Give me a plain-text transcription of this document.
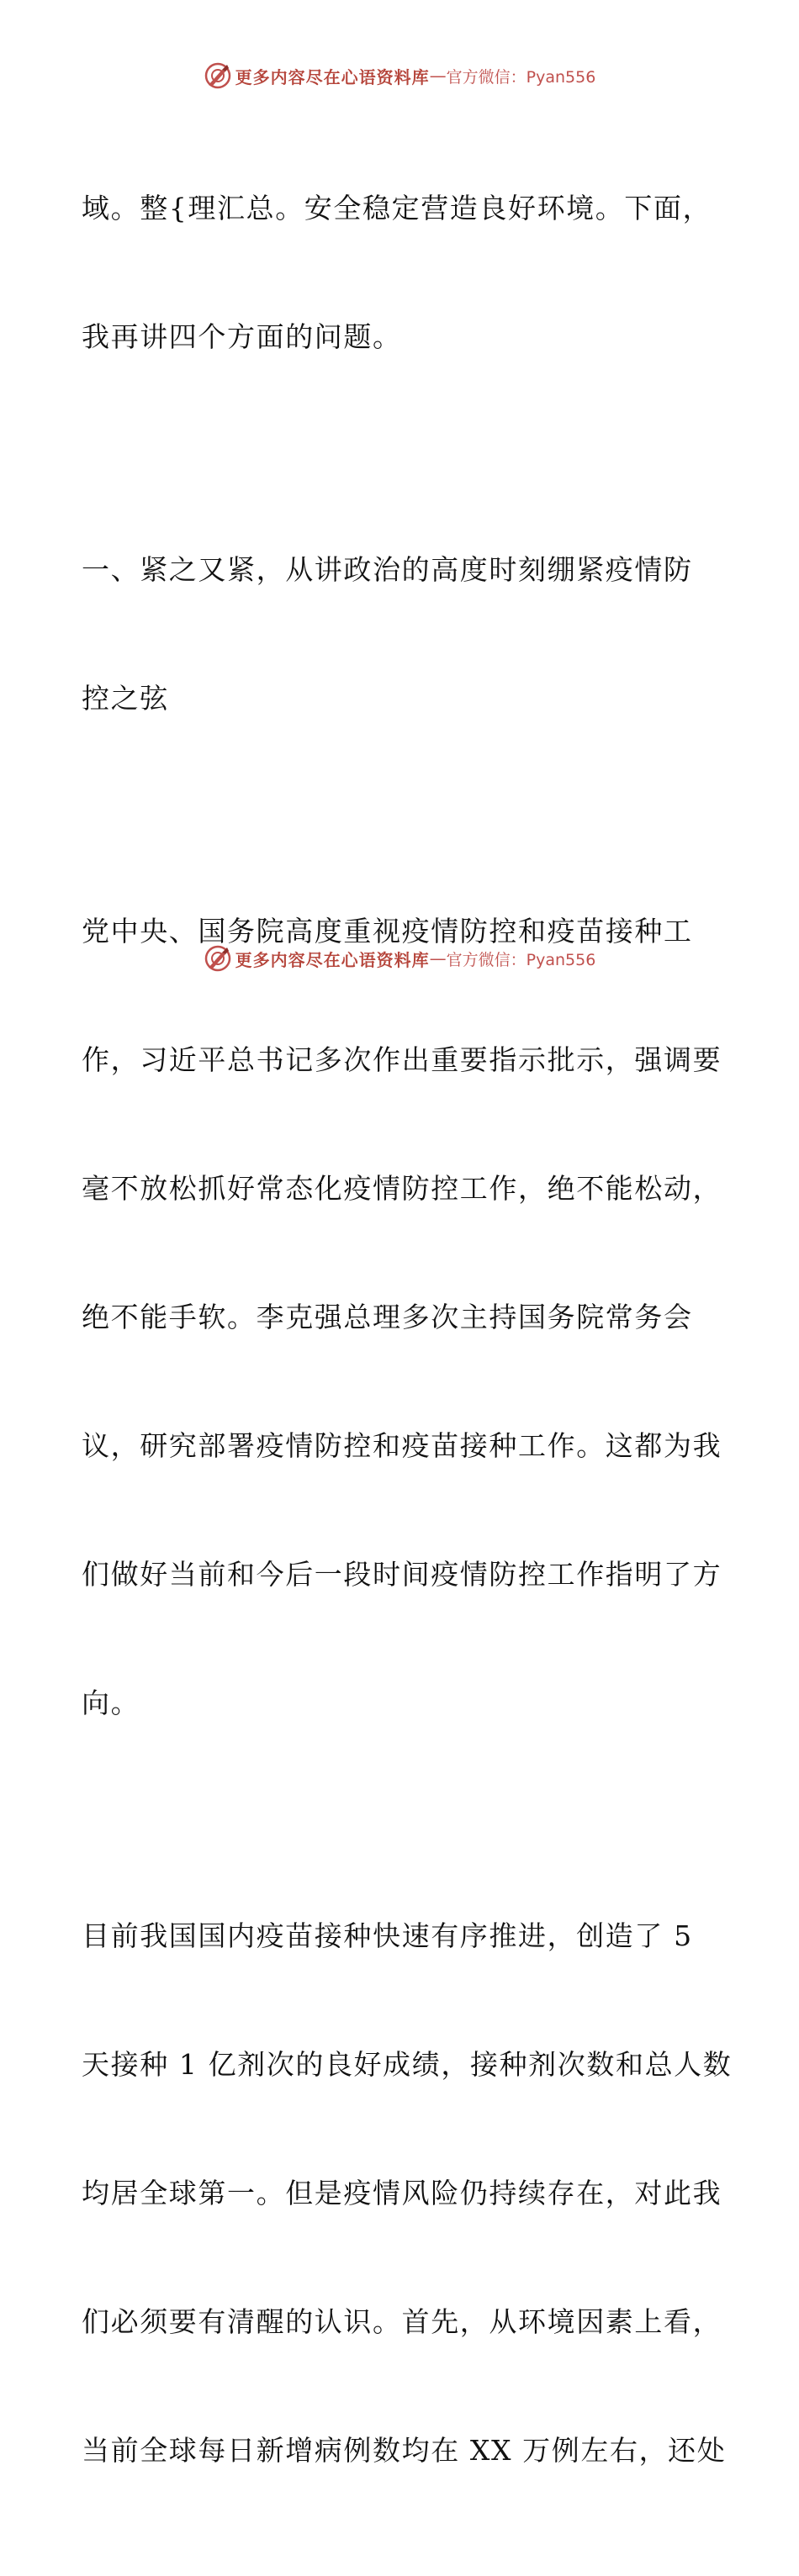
更多内容尽在心语资料库 — 官方微信：Pyan556

域。整{理汇总。安全稳定营造良好环境。下面，

我再讲四个方面的问题。

一、紧之又紧，从讲政治的高度时刻绷紧疫情防

控之弦

党中央、国务院高度重视疫情防控和疫苗接种工

作，习近平总书记多次作出重要指示批示，强调要

毫不放松抓好常态化疫情防控工作，绝不能松动，

绝不能手软。李克强总理多次主持国务院常务会

议，研究部署疫情防控和疫苗接种工作。这都为我

们做好当前和今后一段时间疫情防控工作指明了方

向。

目前我国国内疫苗接种快速有序推进，创造了 5

天接种 1 亿剂次的良好成绩，接种剂次数和总人数

均居全球第一。但是疫情风险仍持续存在，对此我

们必须要有清醒的认识。首先，从环境因素上看，

当前全球每日新增病例数均在 XX 万例左右，还处

更多内容尽在心语资料库 — 官方微信：Pyan556
